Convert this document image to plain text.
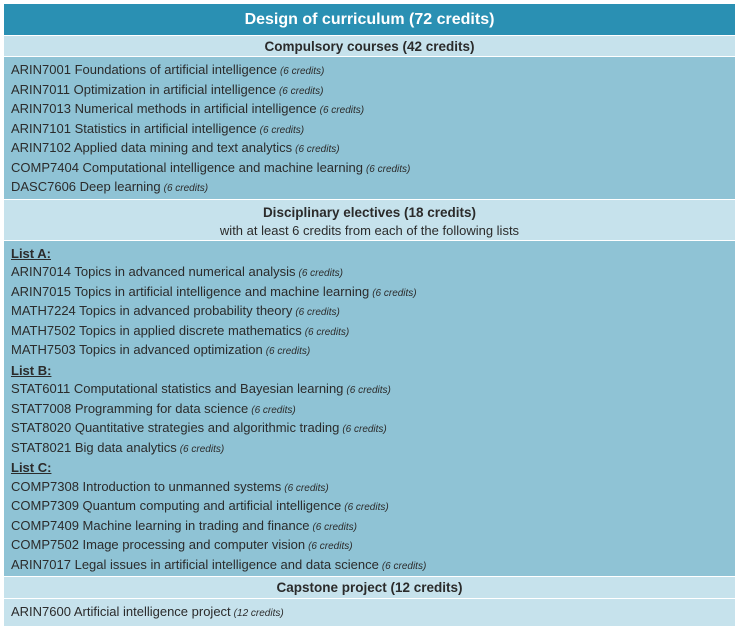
Design of curriculum (72 credits)
Compulsory courses (42 credits)
ARIN7001 Foundations of artificial intelligence (6 credits)
ARIN7011 Optimization in artificial intelligence (6 credits)
ARIN7013 Numerical methods in artificial intelligence (6 credits)
ARIN7101 Statistics in artificial intelligence (6 credits)
ARIN7102 Applied data mining and text analytics (6 credits)
COMP7404 Computational intelligence and machine learning (6 credits)
DASC7606 Deep learning (6 credits)
Disciplinary electives (18 credits)
with at least 6 credits from each of the following lists
List A:
ARIN7014 Topics in advanced numerical analysis (6 credits)
ARIN7015 Topics in artificial intelligence and machine learning (6 credits)
MATH7224 Topics in advanced probability theory (6 credits)
MATH7502 Topics in applied discrete mathematics (6 credits)
MATH7503 Topics in advanced optimization (6 credits)
List B:
STAT6011 Computational statistics and Bayesian learning (6 credits)
STAT7008 Programming for data science (6 credits)
STAT8020 Quantitative strategies and algorithmic trading (6 credits)
STAT8021 Big data analytics (6 credits)
List C:
COMP7308 Introduction to unmanned systems (6 credits)
COMP7309 Quantum computing and artificial intelligence (6 credits)
COMP7409 Machine learning in trading and finance (6 credits)
COMP7502 Image processing and computer vision (6 credits)
ARIN7017 Legal issues in artificial intelligence and data science (6 credits)
Capstone project (12 credits)
ARIN7600 Artificial intelligence project (12 credits)
